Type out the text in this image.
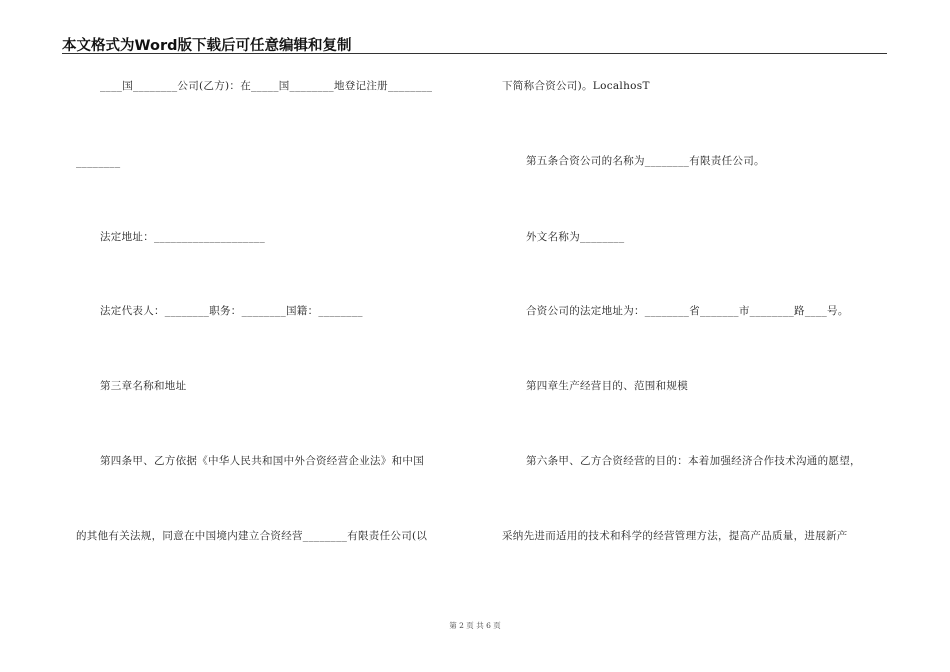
本文格式为Word版下载后可任意编辑和复制
____国________公司(乙方)：在_____国________地登记注册________
________
法定地址：____________________
法定代表人：________职务：________国籍：________
第三章名称和地址
第四条甲、乙方依据《中华人民共和国中外合资经营企业法》和中国
的其他有关法规，同意在中国境内建立合资经营________有限责任公司(以
下简称合资公司)。LocalhosT
第五条合资公司的名称为________有限责任公司。
外文名称为________
合资公司的法定地址为：________省_______市________路____号。
第四章生产经营目的、范围和规模
第六条甲、乙方合资经营的目的：本着加强经济合作技术沟通的愿望，
采纳先进而适用的技术和科学的经营管理方法，提高产品质量，进展新产
第 2 页 共 6 页
